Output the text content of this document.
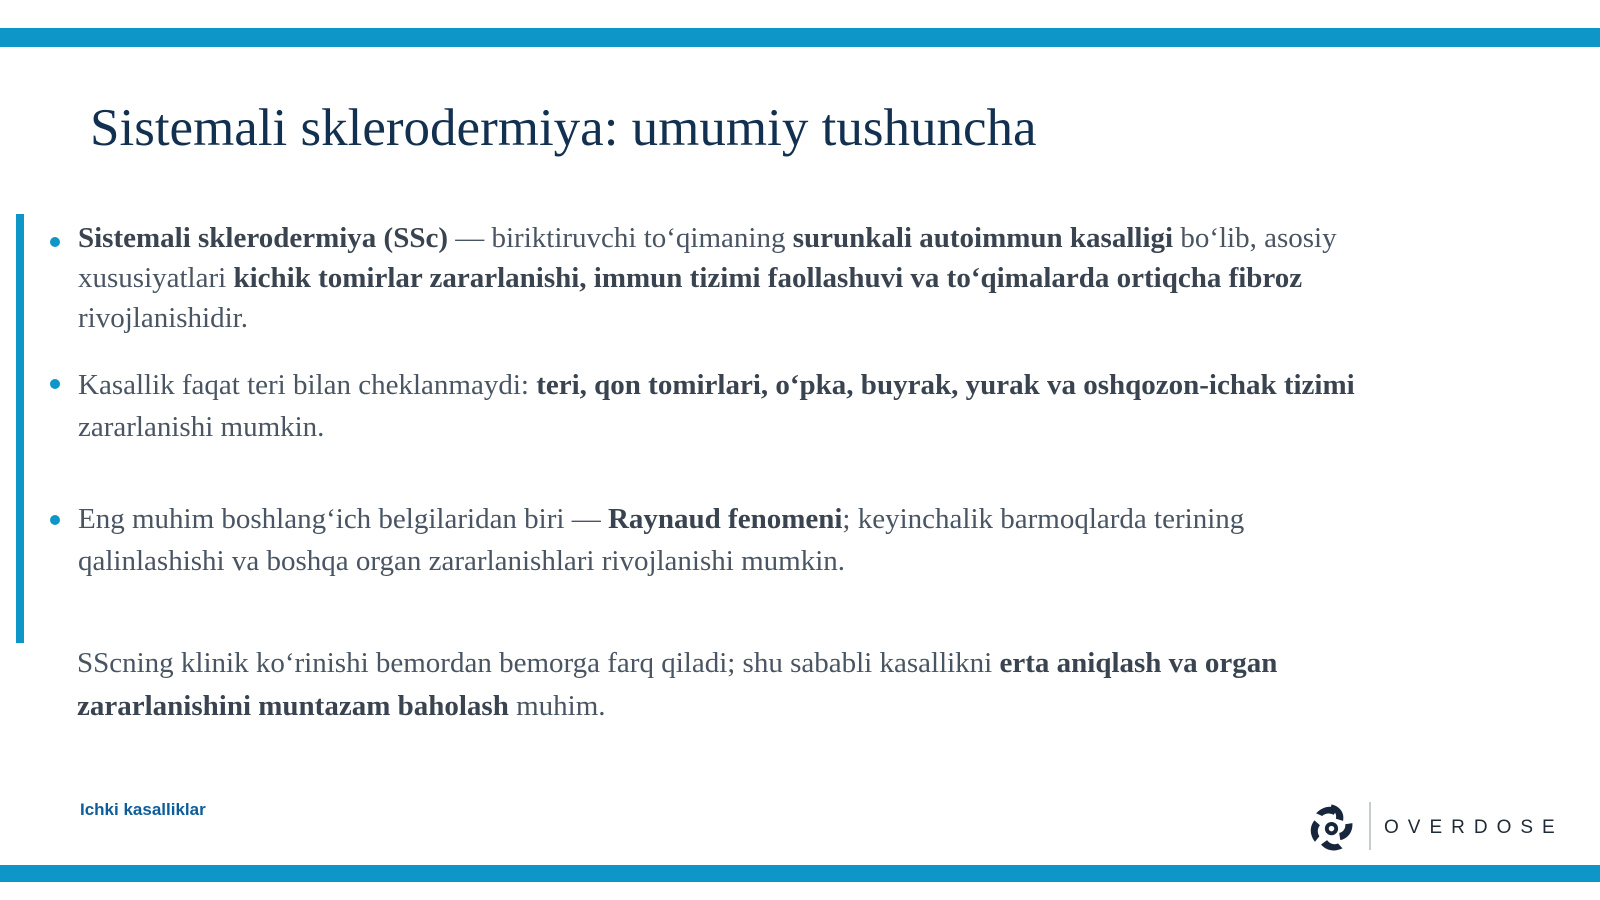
Sistemali sklerodermiya: umumiy tushuncha
Sistemali sklerodermiya (SSc) — biriktiruvchi to‘qimaning surunkali autoimmun kasalligi bo‘lib, asosiy xususiyatlari kichik tomirlar zararlanishi, immun tizimi faollashuvi va to‘qimalarda ortiqcha fibroz rivojlanishidir.
Kasallik faqat teri bilan cheklanmaydi: teri, qon tomirlari, o‘pka, buyrak, yurak va oshqozon-ichak tizimi zararlanishi mumkin.
Eng muhim boshlang‘ich belgilaridan biri — Raynaud fenomeni; keyinchalik barmoqlarda terining qalinlashishi va boshqa organ zararlanishlari rivojlanishi mumkin.
SScning klinik ko‘rinishi bemordan bemorga farq qiladi; shu sababli kasallikni erta aniqlash va organ zararlanishini muntazam baholash muhim.
Ichki kasalliklar
OVERDOSE
